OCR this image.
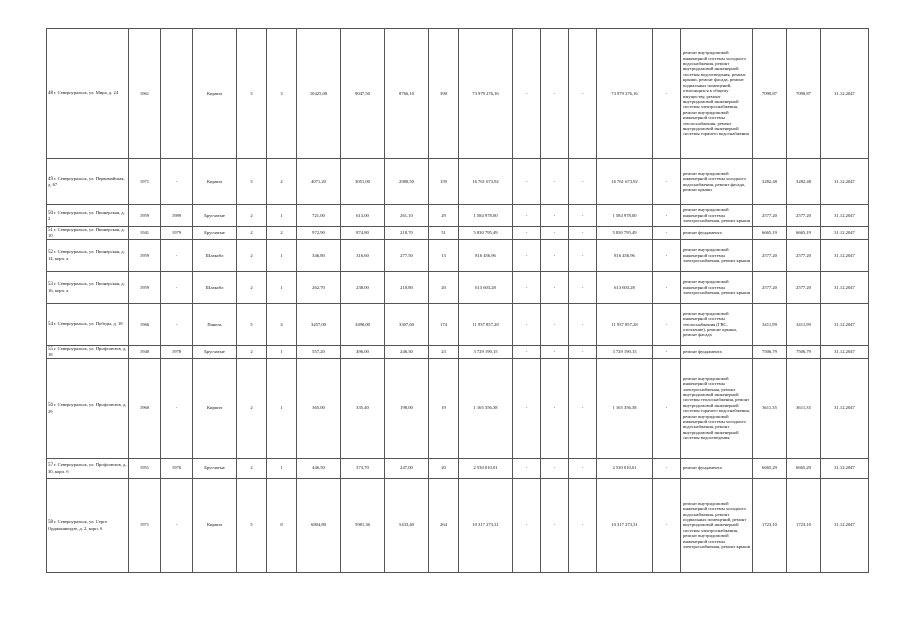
48г. Североуральск, ул. Мира, д. 24	1961		Кирпич	5	3	10425,00	9047,50	8766,10	390	73 979 276,16	-	-	-	73 979 276,16	-	ремонт внутридомовой инженерной системы холодного водоснабжения, ремонт внутридомовой инженерной системы водоотведения, ремонт крыши, ремонт фасада, ремонт подвальных помещений, относящихся к общему имуществу, ремонт внутридомовой инженерной системы электроснабжения, ремонт внутридомовой инженерной системы теплоснабжения, ремонт внутридомовой инженерной системы горячего водоснабжения	7090,87	7090,87	31.12.2047
49г. Североуральск, ул. Первомайская, д. 67	1971	-	Кирпич	5	2	4071,20	3051,00	2980,50	159	16 761 673,92	-	-	-	16 761 673,92	-	ремонт внутридомовой инженерной системы холодного водоснабжения, ремонт фасада, ремонт крыши	3282,48	3282,48	31.12.2047
50г. Североуральск, ул. Пионерская, д. 2	1959	1989	Брусчатые	2	1	721,00	613,00	261,10	29	1 584 978,00	-	-	-	1 584 978,00	-	ремонт внутридомовой инженерной системы электроснабжения, ремонт крыши	2577,20	2577,20	31.12.2047
51г. Североуральск, ул. Пионерская, д. 10	1941	1979	Брусчатые	2	2	972,90	874,80	218,70	51	5 830 795,49	-	-	-	5 830 795,49	-	ремонт фундамента	6665,19	6665,19	31.12.2047
52г. Североуральск, ул. Пионерская, д. 14, корп. а	1959	-	Шлакобл	2	1	346,80	316,60	277,50	13	816 456,96	-	-	-	816 456,96	-	ремонт внутридомовой инженерной системы электроснабжения, ремонт крыши	2577,20	2577,20	31.12.2047
53г. Североуральск, ул. Пионерская, д. 16, корп. а	1959	-	Шлакобл	2	1	262,70	238,00	210,80	20	613 603,28	-	-	-	613 603,28	-	ремонт внутридомовой инженерной системы электроснабжения, ремонт крыши	2577,20	2577,20	31.12.2047
54г. Североуральск, ул. Победы, д. 18	1966	-	Панель	5	4	3457,00	3498,00	3307,60	174	11 937 857,28	-	-	-	11 937 857,28	-	ремонт внутридомовой инженерной системы теплоснабжения (ГВС, отопление), ремонт крыши, ремонт фасада	3411,99	3411,99	31.12.2047
55г. Североуральск, ул. Профсоюзов, д. 18	1940	1978	Брусчатые	2	1	557,20	496,00	246,30	23	3 729 190,15	-	-	-	3 729 190,15	-	ремонт фундамента	7506,79	7506,79	31.12.2047
56г. Североуральск, ул. Профсоюзов, д. 29	1960	-	Кирпич	2	1	365,00	335,40	198,00	19	1 165 356,38	-	-	-	1 165 356,38	-	ремонт внутридомовой инженерной системы электроснабжения, ремонт внутридомовой инженерной системы теплоснабжения, ремонт внутридомовой инженерной системы горячего водоснабжения, ремонт внутридомовой инженерной системы холодного водоснабжения, ремонт внутридомовой инженерной системы водоотведения	3611,35	3611,35	31.12.2047
57г. Североуральск, ул. Профсоюзов, д. 30, корп. б	1951	1976	Брусчатые	2	1	446,50	373,70	247,00	20	2 530 010,01	-	-	-	2 530 010,01	-	ремонт фундамента	6665,29	6665,29	31.12.2047
58г. Североуральск, ул. Серго Орджоникидзе, д. 2, корп. б	1971	-	Кирпич	5	8	6804,80	5981,36	5433,40	264	10 317 273,31	-	-	-	10 317 273,31	-	ремонт внутридомовой инженерной системы холодного водоснабжения, ремонт подвальных помещений, ремонт внутридомовой инженерной системы электроснабжения, ремонт внутридомовой инженерной системы электроснабжения, ремонт крыши	1723,10	1723,10	31.12.2047
